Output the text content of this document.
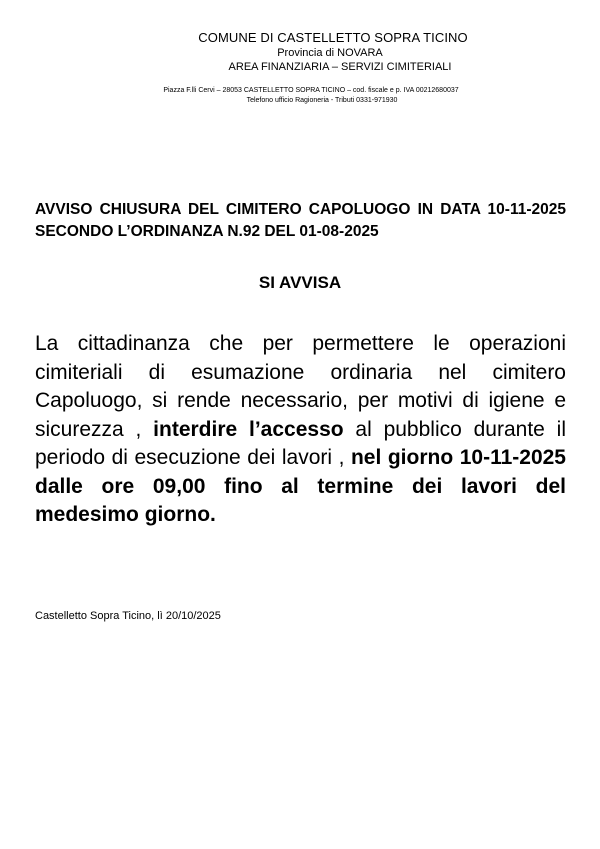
COMUNE DI CASTELLETTO SOPRA TICINO
Provincia di NOVARA
AREA FINANZIARIA – SERVIZI CIMITERIALI
Piazza F.lli Cervi – 28053 CASTELLETTO SOPRA TICINO – cod. fiscale e p. IVA 00212680037
Telefono ufficio Ragioneria - Tributi 0331-971930
AVVISO CHIUSURA DEL CIMITERO CAPOLUOGO IN DATA 10-11-2025 SECONDO L’ORDINANZA N.92 DEL 01-08-2025
SI AVVISA
La cittadinanza che per permettere le operazioni cimiteriali di esumazione ordinaria nel cimitero Capoluogo, si rende necessario, per motivi di igiene e sicurezza , interdire l’accesso al pubblico durante il periodo di esecuzione dei lavori , nel giorno 10-11-2025 dalle ore 09,00 fino al termine dei lavori del medesimo giorno.
Castelletto Sopra Ticino, lì 20/10/2025
